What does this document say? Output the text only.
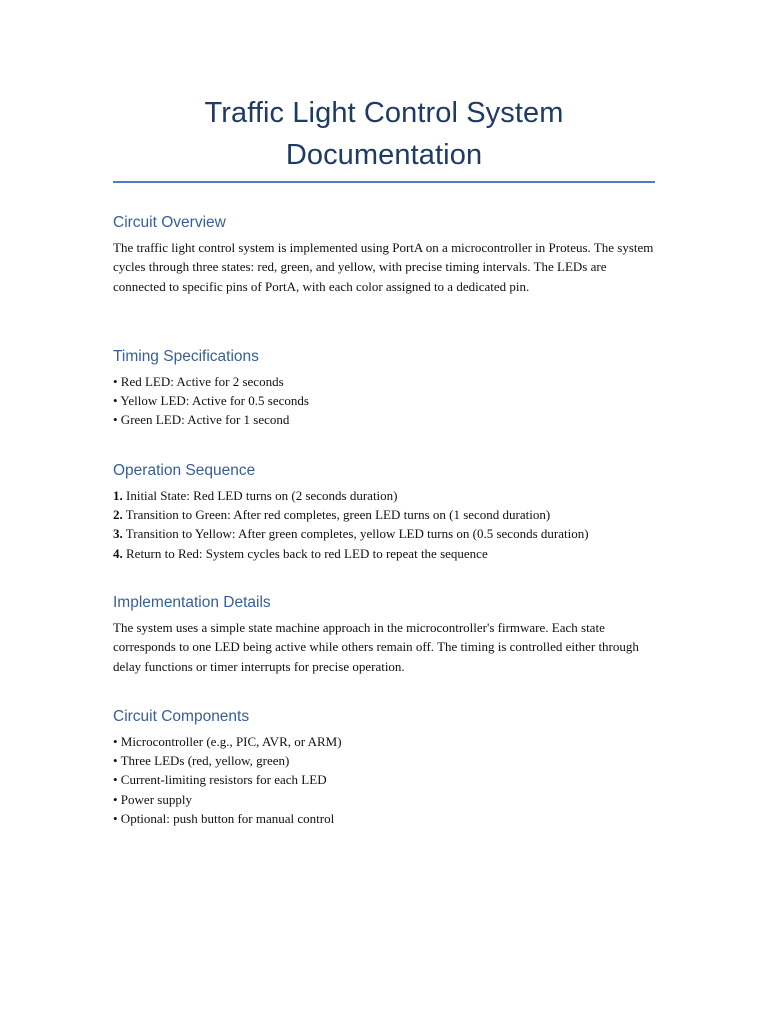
Traffic Light Control System
Documentation
Circuit Overview

The traffic light control system is implemented using PortA on a microcontroller in Proteus. The system cycles through three states: red, green, and yellow, with precise timing intervals. The LEDs are connected to specific pins of PortA, with each color assigned to a dedicated pin.

Timing Specifications
• Red LED: Active for 2 seconds
• Yellow LED: Active for 0.5 seconds
• Green LED: Active for 1 second
Operation Sequence
1. Initial State: Red LED turns on (2 seconds duration)
2. Transition to Green: After red completes, green LED turns on (1 second duration)
3. Transition to Yellow: After green completes, yellow LED turns on (0.5 seconds duration)
4. Return to Red: System cycles back to red LED to repeat the sequence
Implementation Details

The system uses a simple state machine approach in the microcontroller's firmware. Each state corresponds to one LED being active while others remain off. The timing is controlled either through delay functions or timer interrupts for precise operation.

Circuit Components
• Microcontroller (e.g., PIC, AVR, or ARM)
• Three LEDs (red, yellow, green)
• Current-limiting resistors for each LED
• Power supply
• Optional: push button for manual control
